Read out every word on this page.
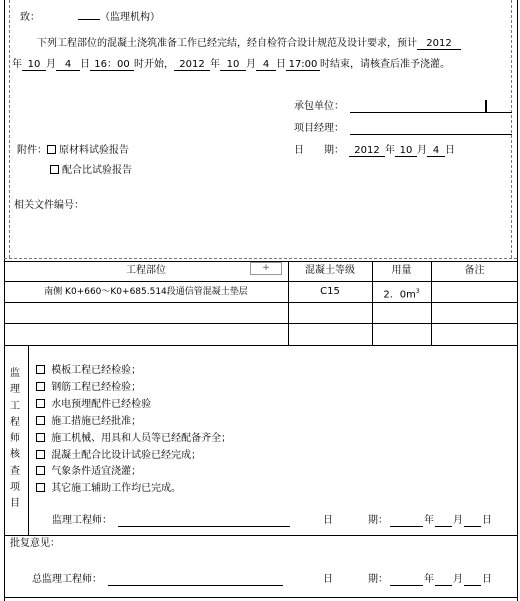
致：	（监理机构）
下列工程部位的混凝土浇筑准备工作已经完结，经自检符合设计规范及设计要求，预计 2012
年 10 月 4 日 16：00 时开始， 2012 年 10 月 4 日 17:00 时结束，请核查后准予浇灌。
承包单位：
项目经理：
日　　期： 2012 年 10 月 4 日
附件： 原材料试验报告
配合比试验报告
相关文件编号：
工程部位	混凝土等级	用量	备注
+
南侧 K0+660～K0+685.514段通信管混凝土垫层	C15	2．$0m^3$
监
理
工
程
师
核
查
项
目
模板工程已经检验；
钢筋工程已经检验；
水电预埋配件已经检验
施工措施已经批准；
施工机械、用具和人员等已经配备齐全；
混凝土配合比设计试验已经完成；
气象条件适宜浇灌；
其它施工辅助工作均已完成。
监理工程师：	日	期：	年 月 日
批复意见：
总监理工程师：	日	期：	年 月 日
